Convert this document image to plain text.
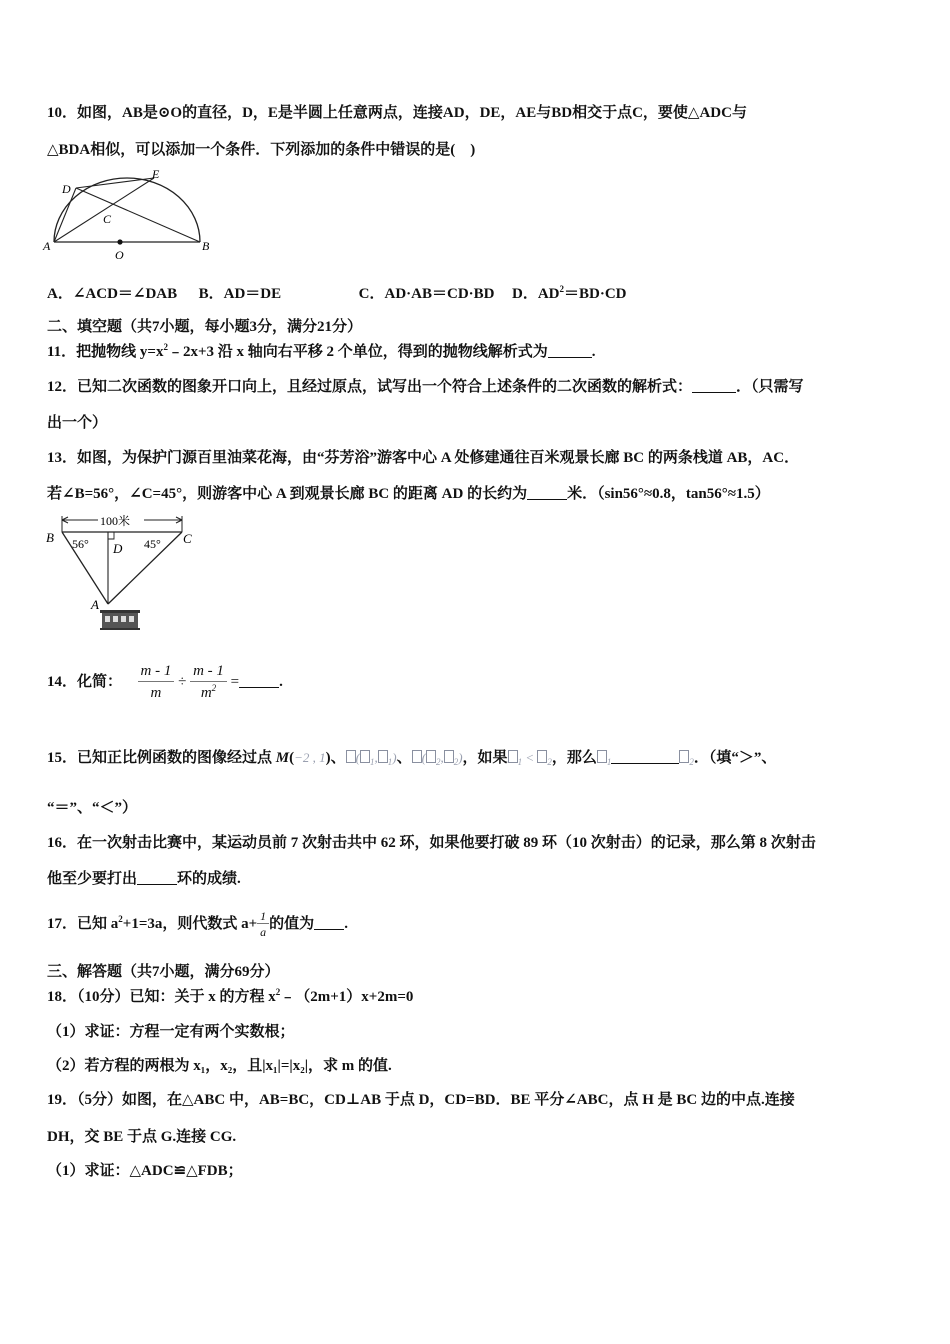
10．如图，AB是⊙O的直径，D，E是半圆上任意两点，连接AD，DE，AE与BD相交于点C，要使△ADC与
△BDA相似，可以添加一个条件．下列添加的条件中错误的是(　)
D
E
C
A	B
O
A．∠ACD＝∠DAB B．AD＝DE	C．AD·AB＝CD·BD D．$AD^2=BD\cdot CD$
二、填空题（共7小题，每小题3分，满分21分）
11．把抛物线 $y=x^2﹣2x+3$ 沿 x 轴向右平移 2 个单位，得到的抛物线解析式为	.
12．已知二次函数的图象开口向上，且经过原点，试写出一个符合上述条件的二次函数的解析式：	．（只需写
出一个）
13．如图，为保护门源百里油菜花海，由“芬芳浴”游客中心 A 处修建通往百米观景长廊 BC 的两条栈道 AB，AC．
若∠B=56°，∠C=45°，则游客中心 A 到观景长廊 BC 的距离 AD 的长约为	米．（sin56°≈0.8，tan56°≈1.5）
100米
B	C
56°	45°
D
A
14．化简： $\frac{m - 1}{m} \div \frac{m - 1}{m^2}$ =	.
15．已知正比例函数的图像经过点 M(−2 , 1)、 ( $_1$, $_1$)、 ( $_2$, $_2$)，如果 $_1$ < $_2$，那么 $_1$	$_2$．（填“＞”、
“＝”、“＜”）
16．在一次射击比赛中，某运动员前 7 次射击共中 62 环，如果他要打破 89 环（10 次射击）的记录，那么第 8 次射击
他至少要打出	环的成绩.
17．已知 $a^2+1=3a$，则代数式 $a+ \frac{1}{a}$ 的值为 .
三、解答题（共7小题，满分69分）
18．（10分）已知：关于 x 的方程 $x^2﹣(2m+1)x+2m=0$
（1）求证：方程一定有两个实数根；
（2）若方程的两根为 x₁，x₂，且|x₁|=|x₂|，求 m 的值.
19．（5分）如图，在△ABC 中，AB=BC，CD⊥AB 于点 D，CD=BD．BE 平分∠ABC，点 H 是 BC 边的中点.连接
DH，交 BE 于点 G.连接 CG.
（1）求证：△ADC≌△FDB；
